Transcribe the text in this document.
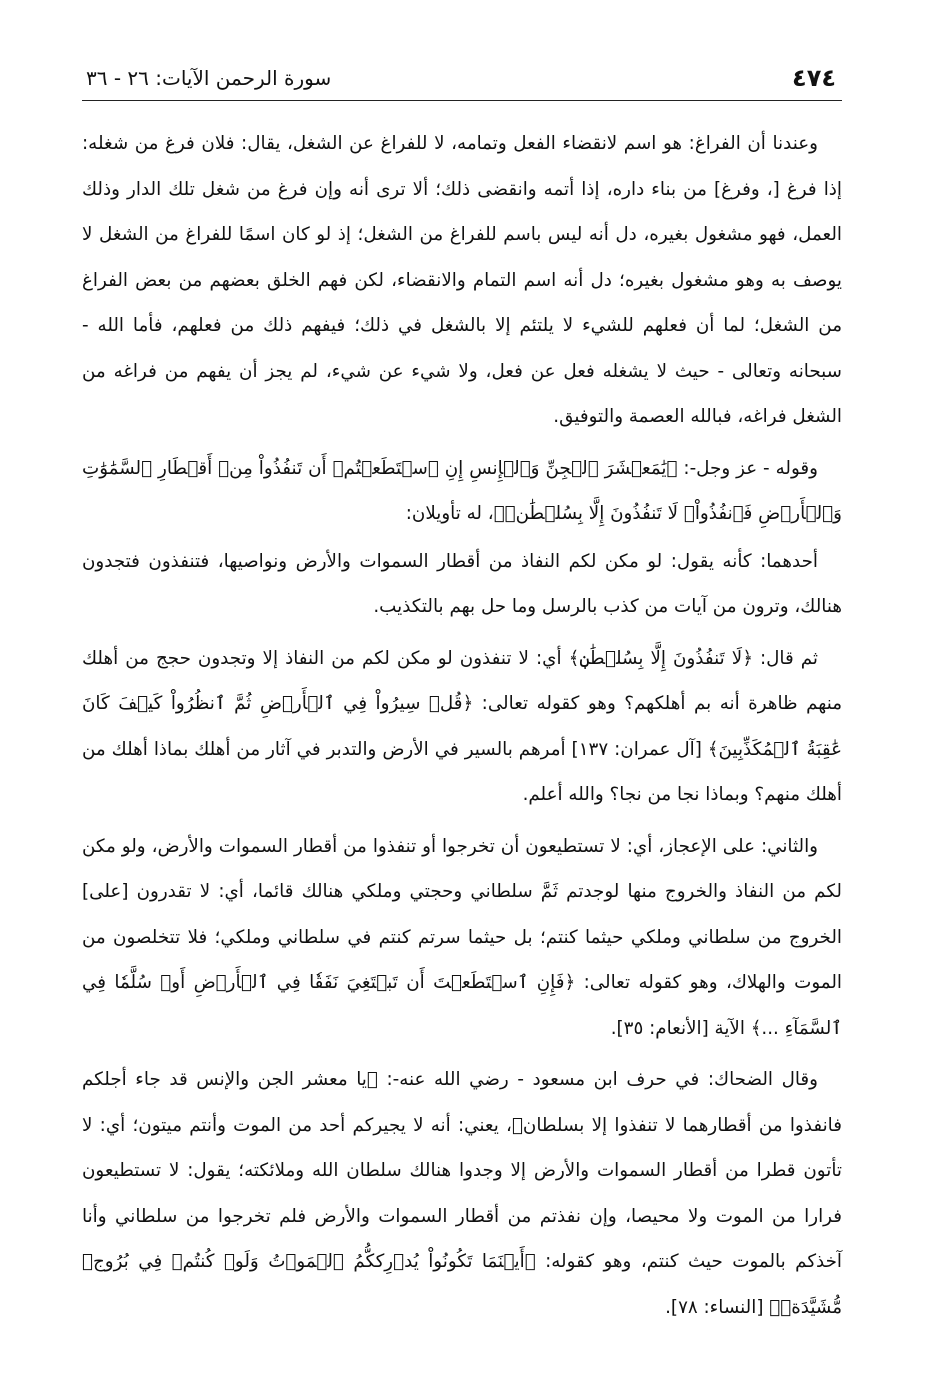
٤٧٤
سورة الرحمن الآيات: ٢٦ - ٣٦

وعندنا أن الفراغ: هو اسم لانقضاء الفعل وتمامه، لا للفراغ عن الشغل، يقال: فلان فرغ من شغله: إذا فرغ [، وفرغ] من بناء داره، إذا أتمه وانقضى ذلك؛ ألا ترى أنه وإن فرغ من شغل تلك الدار وذلك العمل، فهو مشغول بغيره، دل أنه ليس باسم للفراغ من الشغل؛ إذ لو كان اسمًا للفراغ من الشغل لا يوصف به وهو مشغول بغيره؛ دل أنه اسم التمام والانقضاء، لكن فهم الخلق بعضهم من بعض الفراغ من الشغل؛ لما أن فعلهم للشيء لا يلتئم إلا بالشغل في ذلك؛ فيفهم ذلك من فعلهم، فأما الله - سبحانه وتعالى - حيث لا يشغله فعل عن فعل، ولا شيء عن شيء، لم يجز أن يفهم من فراغه من الشغل فراغه، فبالله العصمة والتوفيق.

وقوله - عز وجل-: ﴿يَٰمَعۡشَرَ ٱلۡجِنِّ وَٱلۡإِنسِ إِنِ ٱسۡتَطَعۡتُمۡ أَن تَنفُذُواْ مِنۡ أَقۡطَارِ ٱلسَّمَٰوَٰتِ وَٱلۡأَرۡضِ فَٱنفُذُواْۚ لَا تَنفُذُونَ إِلَّا بِسُلۡطَٰنٖ﴾، له تأويلان:

أحدهما: كأنه يقول: لو مكن لكم النفاذ من أقطار السموات والأرض ونواصيها، فتنفذون فتجدون هنالك، وترون من آيات من كذب بالرسل وما حل بهم بالتكذيب.

ثم قال: ﴿لَا تَنفُذُونَ إِلَّا بِسُلۡطَٰنٖ﴾ أي: لا تنفذون لو مكن لكم من النفاذ إلا وتجدون حجج من أهلك منهم ظاهرة أنه بم أهلكهم؟ وهو كقوله تعالى: ﴿قُلۡ سِيرُواْ فِي ٱلۡأَرۡضِ ثُمَّ ٱنظُرُواْ كَيۡفَ كَانَ عَٰقِبَةُ ٱلۡمُكَذِّبِينَ﴾ [آل عمران: ١٣٧] أمرهم بالسير في الأرض والتدبر في آثار من أهلك بماذا أهلك من أهلك منهم؟ وبماذا نجا من نجا؟ والله أعلم.

والثاني: على الإعجاز، أي: لا تستطيعون أن تخرجوا أو تنفذوا من أقطار السموات والأرض، ولو مكن لكم من النفاذ والخروج منها لوجدتم ثَمَّ سلطاني وحجتي وملكي هنالك قائما، أي: لا تقدرون [على] الخروج من سلطاني وملكي حيثما كنتم؛ بل حيثما سرتم كنتم في سلطاني وملكي؛ فلا تتخلصون من الموت والهلاك، وهو كقوله تعالى: ﴿فَإِنِ ٱسۡتَطَعۡتَ أَن تَبۡتَغِيَ نَفَقٗا فِي ٱلۡأَرۡضِ أَوۡ سُلَّمٗا فِي ٱلسَّمَآءِ ...﴾ الآية [الأنعام: ٣٥].

وقال الضحاك: في حرف ابن مسعود - رضي الله عنه-: ﴿يا معشر الجن والإنس قد جاء أجلكم فانفذوا من أقطارهما لا تنفذوا إلا بسلطان﴾، يعني: أنه لا يجيركم أحد من الموت وأنتم ميتون؛ أي: لا تأتون قطرا من أقطار السموات والأرض إلا وجدوا هنالك سلطان الله وملائكته؛ يقول: لا تستطيعون فرارا من الموت ولا محيصا، وإن نفذتم من أقطار السموات والأرض فلم تخرجوا من سلطاني وأنا آخذكم بالموت حيث كنتم، وهو كقوله: ﴿أَيۡنَمَا تَكُونُواْ يُدۡرِككُّمُ ٱلۡمَوۡتُ وَلَوۡ كُنتُمۡ فِي بُرُوجٖ مُّشَيَّدَةٖ﴾ [النساء: ٧٨].
